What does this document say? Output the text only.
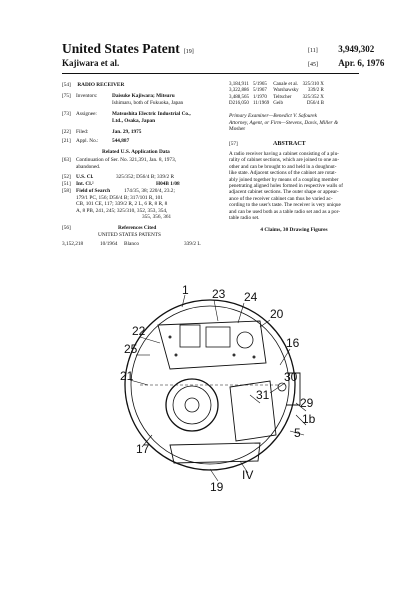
United States Patent [19]
Kajiwara et al.
[11] 3,949,302
[45] Apr. 6, 1976
[54] RADIO RECEIVER
[75] Inventors:	Daisuke Kajiwara; Mitsuru
Ishimaru, both of Fukuoka, Japan
[73] Assignee:	Matsushita Electric Industrial Co.,
Ltd., Osaka, Japan
[22] Filed:	Jan. 29, 1975
[21] Appl. No.:	544,887
Related U.S. Application Data
[63] Continuation of Ser. No. 321,391, Jan. 8, 1973,
abandoned.
[52] U.S. Cl.	325/352; D56/4 B; 339/2 R
[51] Int. Cl.²	H04B 1/08
[58] Field of Search	174/35, 38; 220/4, 23.2;
179/1 PC, 156; D56/4 B; 317/101 R, 101
CB, 101 CE, 117; 339/2 R, 2 L, 6 R, 8 R, 8
A, 8 PB, 241, 245; 325/310, 352, 353, 354,
355, 356, 361
[56]	References Cited
UNITED STATES PATENTS
3,152,218	10/1964 Blanco	339/2 L
3,184,911	5/1965	Canale et al.	325/310 X
3,322,886	5/1967	Warshawsky	339/2 R
3,488,565	1/1970	Teltscher	325/352 X
D216,050	11/1969	Geib	D56/4 B
Primary Examiner—Benedict V. Safourek
Attorney, Agent, or Firm—Stevens, Davis, Miller &
Mosher
[57]	ABSTRACT
A radio receiver having a cabinet consisting of a plu-
rality of cabinet sections, which are joined to one an-
other and can be brought to and held in a doughnut-
like state. Adjacent sections of the cabinet are rotat-
ably joined together by means of a coupling member
penetrating aligned holes formed in respective walls of
adjacent cabinet sections. The outer shape or appear-
ance of the receiver cabinet can thus be varied ac-
cording to the user's taste. The receiver is very unique
and can be used both as a table radio set and as a por-
table radio set.
4 Claims, 30 Drawing Figures
1 23 24
20
22
25
21
17
19
16
30
29
1b
5
31
IV
